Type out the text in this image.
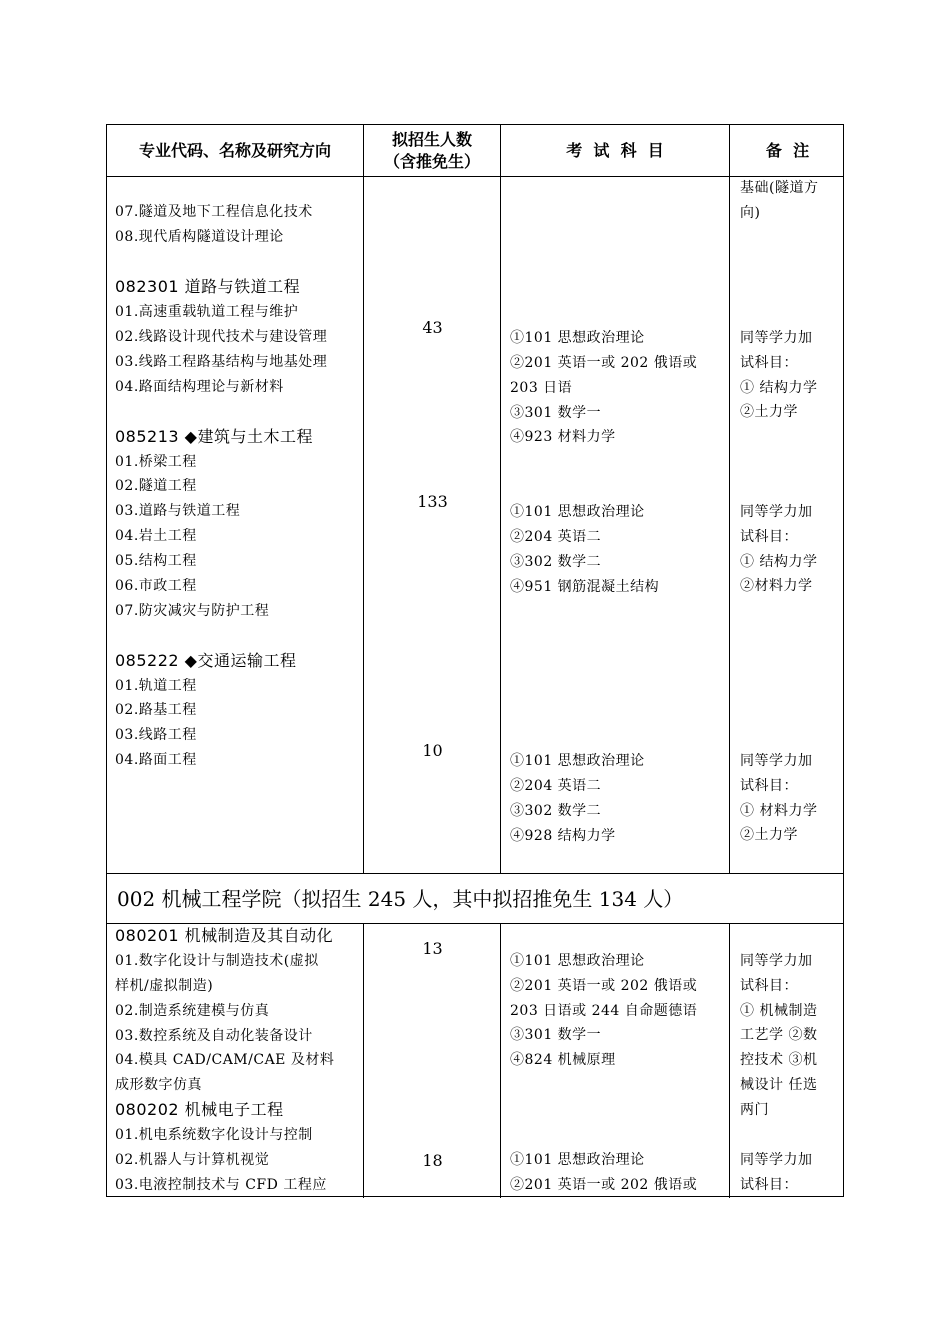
专业代码、名称及研究方向
拟招生人数
（含推免生）
考  试  科  目	备  注
07.隧道及地下工程信息化技术
08.现代盾构隧道设计理论
082301 道路与铁道工程
01.高速重载轨道工程与维护
02.线路设计现代技术与建设管理
03.线路工程路基结构与地基处理
04.路面结构理论与新材料
085213 ◆建筑与土木工程
01.桥梁工程
02.隧道工程
03.道路与铁道工程
04.岩土工程
05.结构工程
06.市政工程
07.防灾减灾与防护工程
085222 ◆交通运输工程
01.轨道工程
02.路基工程
03.线路工程
04.路面工程
43
133
10
①101 思想政治理论
②201 英语一或 202 俄语或
203 日语
③301 数学一
④923 材料力学
①101 思想政治理论
②204 英语二
③302 数学二
④951 钢筋混凝土结构
①101 思想政治理论
②204 英语二
③302 数学二
④928 结构力学
基础(隧道方
向)
同等学力加
试科目：
① 结构力学
②土力学
同等学力加
试科目：
① 结构力学
②材料力学
同等学力加
试科目：
① 材料力学
②土力学
002 机械工程学院（拟招生 245 人，其中拟招推免生 134 人）
080201 机械制造及其自动化
01.数字化设计与制造技术(虚拟
样机/虚拟制造)
02.制造系统建模与仿真
03.数控系统及自动化装备设计
04.模具 CAD/CAM/CAE 及材料
成形数字仿真
080202 机械电子工程
01.机电系统数字化设计与控制
02.机器人与计算机视觉
03.电液控制技术与 CFD 工程应
13
18
①101 思想政治理论
②201 英语一或 202 俄语或
203 日语或 244 自命题德语
③301 数学一
④824 机械原理
①101 思想政治理论
②201 英语一或 202 俄语或
同等学力加
试科目：
① 机械制造
工艺学 ②数
控技术 ③机
械设计 任选
两门
同等学力加
试科目：
